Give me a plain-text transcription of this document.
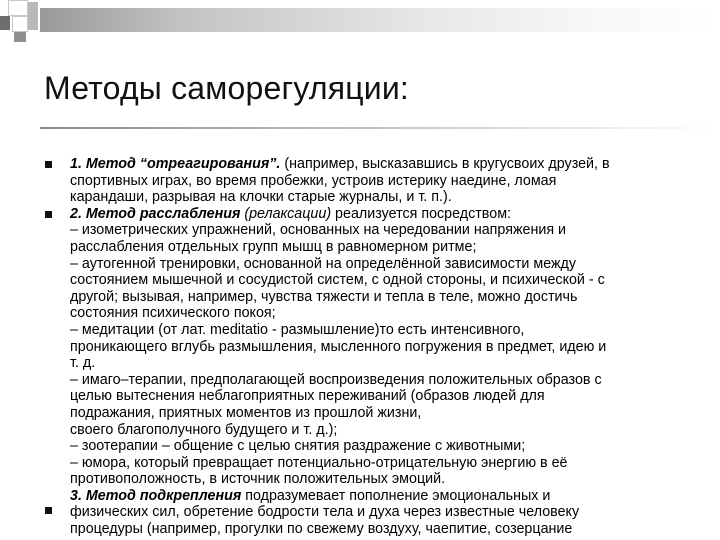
Методы саморегуляции:
1. Метод “отреагирования”. (например, высказавшись в кругусвоих друзей, в
спортивных играх, во время пробежки, устроив истерику наедине, ломая
карандаши, разрывая на клочки старые журналы, и т. п.).
2. Метод расслабления (релаксации) реализуется посредством:
– изометрических упражнений, основанных на чередовании напряжения и
расслабления отдельных групп мышц в равномерном ритме;
– аутогенной тренировки, основанной на определённой зависимости между
состоянием мышечной и сосудистой систем, с одной стороны, и психической - с
другой; вызывая, например, чувства тяжести и тепла в теле, можно достичь
состояния психического покоя;
– медитации (от лат. meditatio - размышление)то есть интенсивного,
проникающего вглубь размышления, мысленного погружения в предмет, идею и
т. д.
– имаго–терапии, предполагающей воспроизведения положительных образов с
целью вытеснения неблагоприятных переживаний (образов людей для
подражания, приятных моментов из прошлой жизни,
своего благополучного будущего и т. д.);
– зоотерапии – общение с целью снятия раздражение с животными;
– юмора, который превращает потенциально-отрицательную энергию в её
противоположность, в источник положительных эмоций.
3. Метод подкрепления подразумевает пополнение эмоциональных и
физических сил, обретение бодрости тела и духа через известные человеку
процедуры (например, прогулки по свежему воздуху, чаепитие, созерцание
